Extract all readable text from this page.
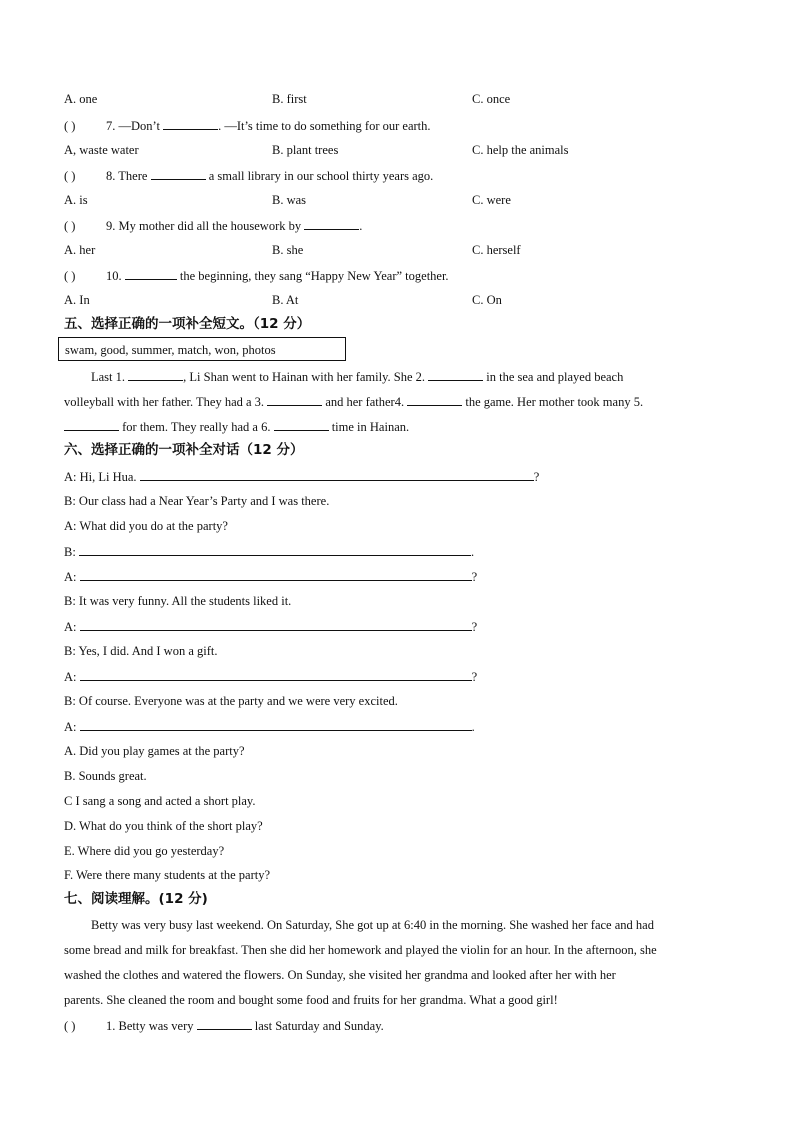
A. one	B. first	C. once
( ) 7. —Don’t	. —It’s time to do something for our earth.
A, waste water	B. plant trees	C. help the animals
( ) 8. There	a small library in our school thirty years ago.
A. is	B. was	C. were
( ) 9. My mother did all the housework by	.
A. her	B. she	C. herself
( ) 10.	the beginning, they sang “Happy New Year” together.
A. In	B. At	C. On
五、选择正确的一项补全短文。（12 分）
swam, good, summer, match, won, photos
Last 1.	, Li Shan went to Hainan with her family. She 2.	in the sea and played beach
volleyball with her father. They had a 3.	and her father4.	the game. Her mother took many 5.
for them. They really had a 6.	time in Hainan.
六、选择正确的一项补全对话（12 分）
A: Hi, Li Hua.	?
B: Our class had a Near Year’s Party and I was there.
A: What did you do at the party?
B:	.
A:	?
B: It was very funny. All the students liked it.
A:	?
B: Yes, I did. And I won a gift.
A:	?
B: Of course. Everyone was at the party and we were very excited.
A:	.
A. Did you play games at the party?
B. Sounds great.
C I sang a song and acted a short play.
D. What do you think of the short play?
E. Where did you go yesterday?
F. Were there many students at the party?
七、阅读理解。(12 分)
Betty was very busy last weekend. On Saturday, She got up at 6:40 in the morning. She washed her face and had
some bread and milk for breakfast. Then she did her homework and played the violin for an hour. In the afternoon, she
washed the clothes and watered the flowers. On Sunday, she visited her grandma and looked after her with her
parents. She cleaned the room and bought some food and fruits for her grandma. What a good girl!
( ) 1. Betty was very	last Saturday and Sunday.
